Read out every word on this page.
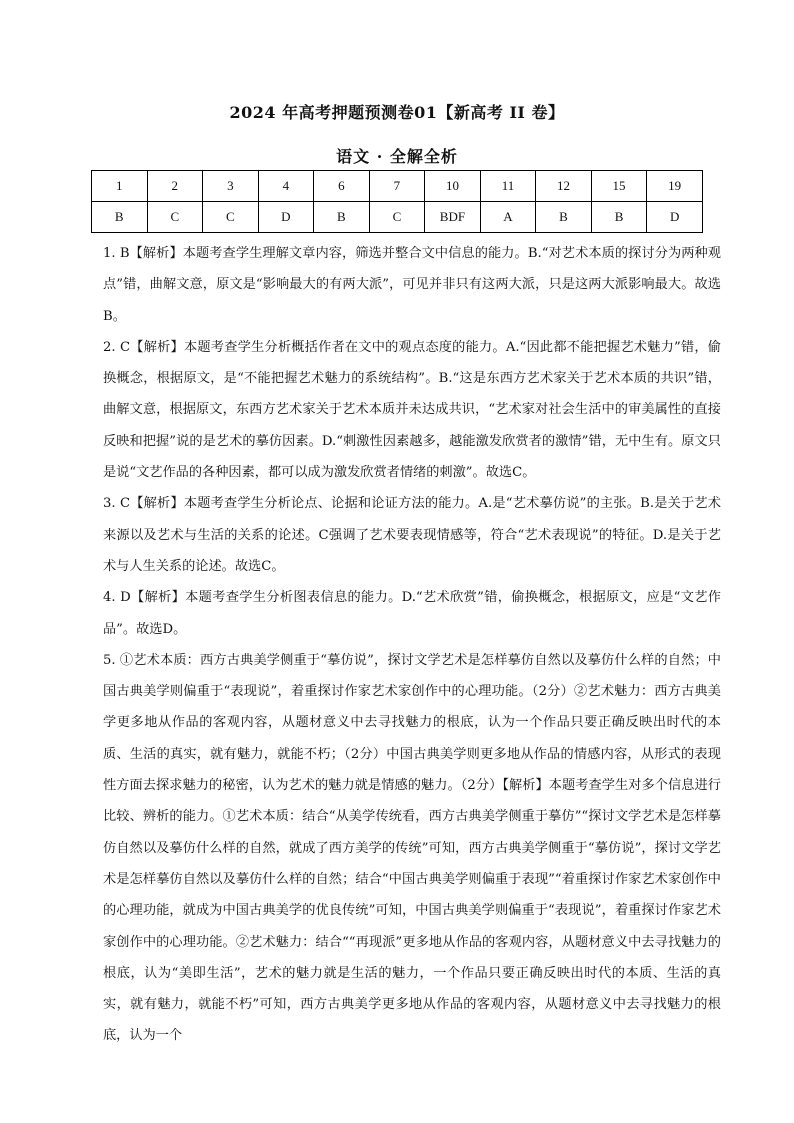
2024 年高考押题预测卷01【新高考 II 卷】
语文 · 全解全析
1	2	3	4	6	7	10	11	12	15	19
B	C	C	D	B	C	BDF	A	B	B	D

1. B【解析】本题考查学生理解文章内容，筛选并整合文中信息的能力。B.“对艺术本质的探讨分为两种观点”错，曲解文意，原文是“影响最大的有两大派”，可见并非只有这两大派，只是这两大派影响最大。故选B。

2. C【解析】本题考查学生分析概括作者在文中的观点态度的能力。A.“因此都不能把握艺术魅力”错，偷换概念，根据原文，是“不能把握艺术魅力的系统结构”。B.“这是东西方艺术家关于艺术本质的共识”错，曲解文意，根据原文，东西方艺术家关于艺术本质并未达成共识，“艺术家对社会生活中的审美属性的直接反映和把握”说的是艺术的摹仿因素。D.“刺激性因素越多，越能激发欣赏者的激情”错，无中生有。原文只是说“文艺作品的各种因素，都可以成为激发欣赏者情绪的刺激”。故选C。

3. C【解析】本题考查学生分析论点、论据和论证方法的能力。A.是“艺术摹仿说”的主张。B.是关于艺术来源以及艺术与生活的关系的论述。C强调了艺术要表现情感等，符合“艺术表现说”的特征。D.是关于艺术与人生关系的论述。故选C。

4. D【解析】本题考查学生分析图表信息的能力。D.“艺术欣赏”错，偷换概念，根据原文，应是“文艺作品”。故选D。

5. ①艺术本质：西方古典美学侧重于“摹仿说”，探讨文学艺术是怎样摹仿自然以及摹仿什么样的自然；中国古典美学则偏重于“表现说”，着重探讨作家艺术家创作中的心理功能。（2分）②艺术魅力：西方古典美学更多地从作品的客观内容，从题材意义中去寻找魅力的根底，认为一个作品只要正确反映出时代的本质、生活的真实，就有魅力，就能不朽；（2分）中国古典美学则更多地从作品的情感内容，从形式的表现性方面去探求魅力的秘密，认为艺术的魅力就是情感的魅力。（2分）【解析】本题考查学生对多个信息进行比较、辨析的能力。①艺术本质：结合“从美学传统看，西方古典美学侧重于摹仿”“探讨文学艺术是怎样摹仿自然以及摹仿什么样的自然，就成了西方美学的传统”可知，西方古典美学侧重于“摹仿说”，探讨文学艺术是怎样摹仿自然以及摹仿什么样的自然；结合“中国古典美学则偏重于表现”“着重探讨作家艺术家创作中的心理功能，就成为中国古典美学的优良传统”可知，中国古典美学则偏重于“表现说”，着重探讨作家艺术家创作中的心理功能。②艺术魅力：结合““再现派”更多地从作品的客观内容，从题材意义中去寻找魅力的根底，认为“美即生活”，艺术的魅力就是生活的魅力，一个作品只要正确反映出时代的本质、生活的真实，就有魅力，就能不朽”可知，西方古典美学更多地从作品的客观内容，从题材意义中去寻找魅力的根底，认为一个
